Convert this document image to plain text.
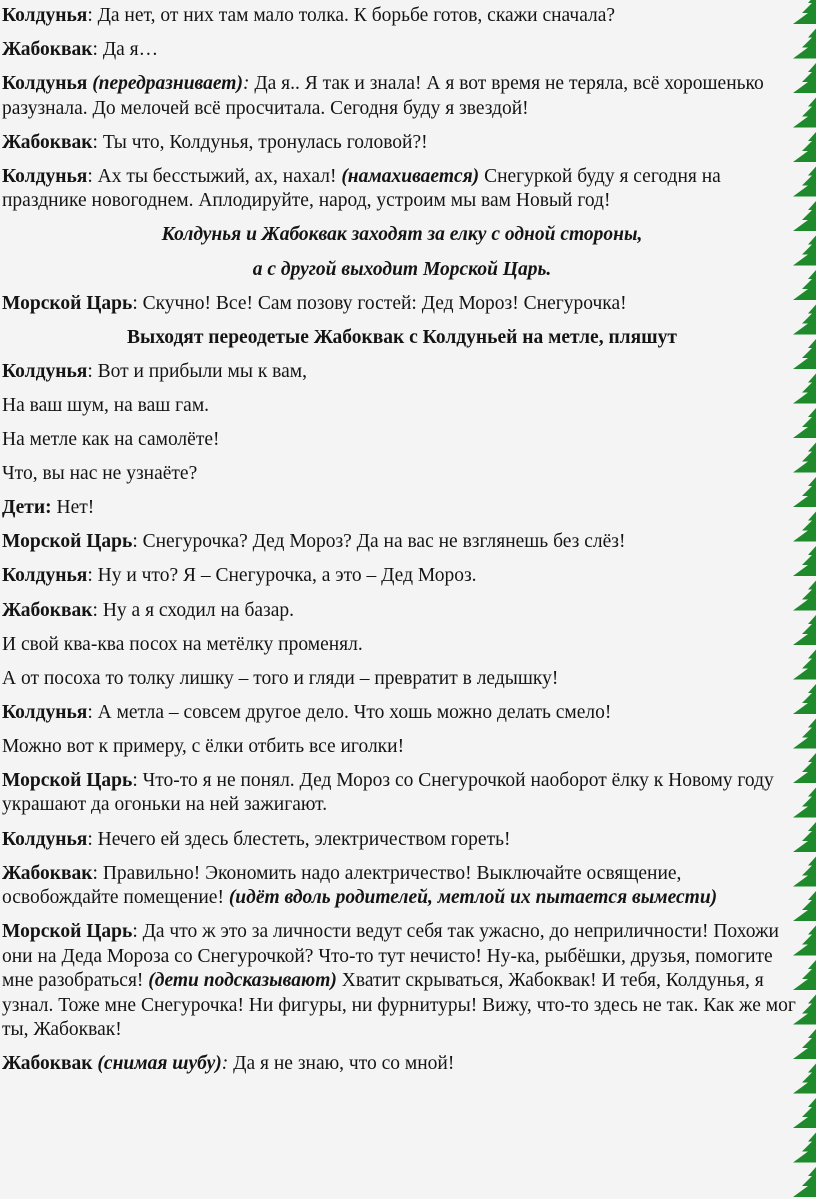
Колдунья: Да нет, от них там мало толка. К борьбе готов, скажи сначала?

Жабоквак: Да я…

Колдунья (передразнивает): Да я.. Я так и знала! А я вот время не теряла, всё хорошенько разузнала. До мелочей всё просчитала. Сегодня буду я звездой!

Жабоквак: Ты что, Колдунья, тронулась головой?!

Колдунья: Ах ты бесстыжий, ах, нахал! (намахивается) Снегуркой буду я сегодня на празднике новогоднем. Аплодируйте, народ, устроим мы вам Новый год!

Колдунья и Жабоквак заходят за елку с одной стороны,

а с другой выходит Морской Царь.

Морской Царь: Скучно! Все! Сам позову гостей: Дед Мороз! Снегурочка!

Выходят переодетые Жабоквак с Колдуньей на метле, пляшут

Колдунья: Вот и прибыли мы к вам,

На ваш шум, на ваш гам.

На метле как на самолёте!

Что, вы нас не узнаёте?

Дети: Нет!

Морской Царь: Снегурочка? Дед Мороз? Да на вас не взглянешь без слёз!

Колдунья: Ну и что? Я – Снегурочка, а это – Дед Мороз.

Жабоквак: Ну а я сходил на базар.

И свой ква-ква посох на метёлку променял.

А от посоха то толку лишку – того и гляди – превратит в ледышку!

Колдунья: А метла – совсем другое дело. Что хошь можно делать смело!

Можно вот к примеру, с ёлки отбить все иголки!

Морской Царь: Что-то я не понял. Дед Мороз со Снегурочкой наоборот ёлку к Новому году украшают да огоньки на ней зажигают.

Колдунья: Нечего ей здесь блестеть, электричеством гореть!

Жабоквак: Правильно! Экономить надо алектричество! Выключайте освящение, освобождайте помещение! (идёт вдоль родителей, метлой их пытается вымести)

Морской Царь: Да что ж это за личности ведут себя так ужасно, до неприличности! Похожи они на Деда Мороза со Снегурочкой? Что-то тут нечисто! Ну-ка, рыбёшки, друзья, помогите мне разобраться! (дети подсказывают) Хватит скрываться, Жабоквак! И тебя, Колдунья, я узнал. Тоже мне Снегурочка! Ни фигуры, ни фурнитуры! Вижу, что-то здесь не так. Как же мог ты, Жабоквак!

Жабоквак (снимая шубу): Да я не знаю, что со мной!
